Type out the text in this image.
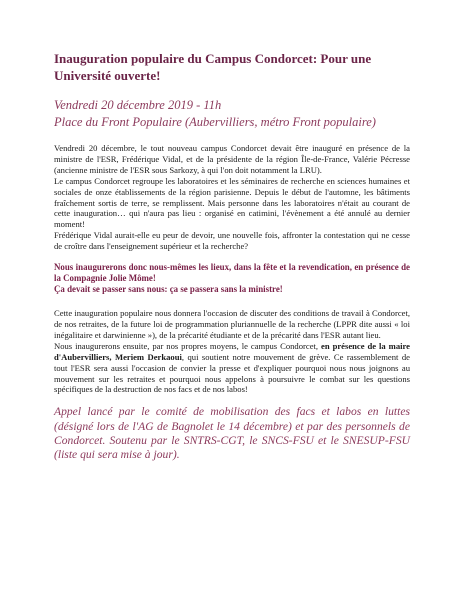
Inauguration populaire du Campus Condorcet: Pour une Université ouverte!
Vendredi 20 décembre 2019 - 11h
Place du Front Populaire (Aubervilliers, métro Front populaire)

Vendredi 20 décembre, le tout nouveau campus Condorcet devait être inauguré en présence de la ministre de l'ESR, Frédérique Vidal, et de la présidente de la région Île-de-France, Valérie Pécresse (ancienne ministre de l'ESR sous Sarkozy, à qui l'on doit notamment la LRU).

Le campus Condorcet regroupe les laboratoires et les séminaires de recherche en sciences humaines et sociales de onze établissements de la région parisienne. Depuis le début de l'automne, les bâtiments fraîchement sortis de terre, se remplissent. Mais personne dans les laboratoires n'était au courant de cette inauguration… qui n'aura pas lieu : organisé en catimini, l'évènement a été annulé au dernier moment!

Frédérique Vidal aurait-elle eu peur de devoir, une nouvelle fois, affronter la contestation qui ne cesse de croître dans l'enseignement supérieur et la recherche?

Nous inaugurerons donc nous-mêmes les lieux, dans la fête et la revendication, en présence de la Compagnie Jolie Môme!
Ça devait se passer sans nous: ça se passera sans la ministre!

Cette inauguration populaire nous donnera l'occasion de discuter des conditions de travail à Condorcet, de nos retraites, de la future loi de programmation pluriannuelle de la recherche (LPPR dite aussi « loi inégalitaire et darwinienne »), de la précarité étudiante et de la précarité dans l'ESR autant lieu.

Nous inaugurerons ensuite, par nos propres moyens, le campus Condorcet, en présence de la maire d'Aubervilliers, Meriem Derkaoui, qui soutient notre mouvement de grève. Ce rassemblement de tout l'ESR sera aussi l'occasion de convier la presse et d'expliquer pourquoi nous nous joignons au mouvement sur les retraites et pourquoi nous appelons à poursuivre le combat sur les questions spécifiques de la destruction de nos facs et de nos labos!

Appel lancé par le comité de mobilisation des facs et labos en luttes (désigné lors de l'AG de Bagnolet le 14 décembre) et par des personnels de Condorcet. Soutenu par le SNTRS-CGT, le SNCS-FSU et le SNESUP-FSU (liste qui sera mise à jour).
